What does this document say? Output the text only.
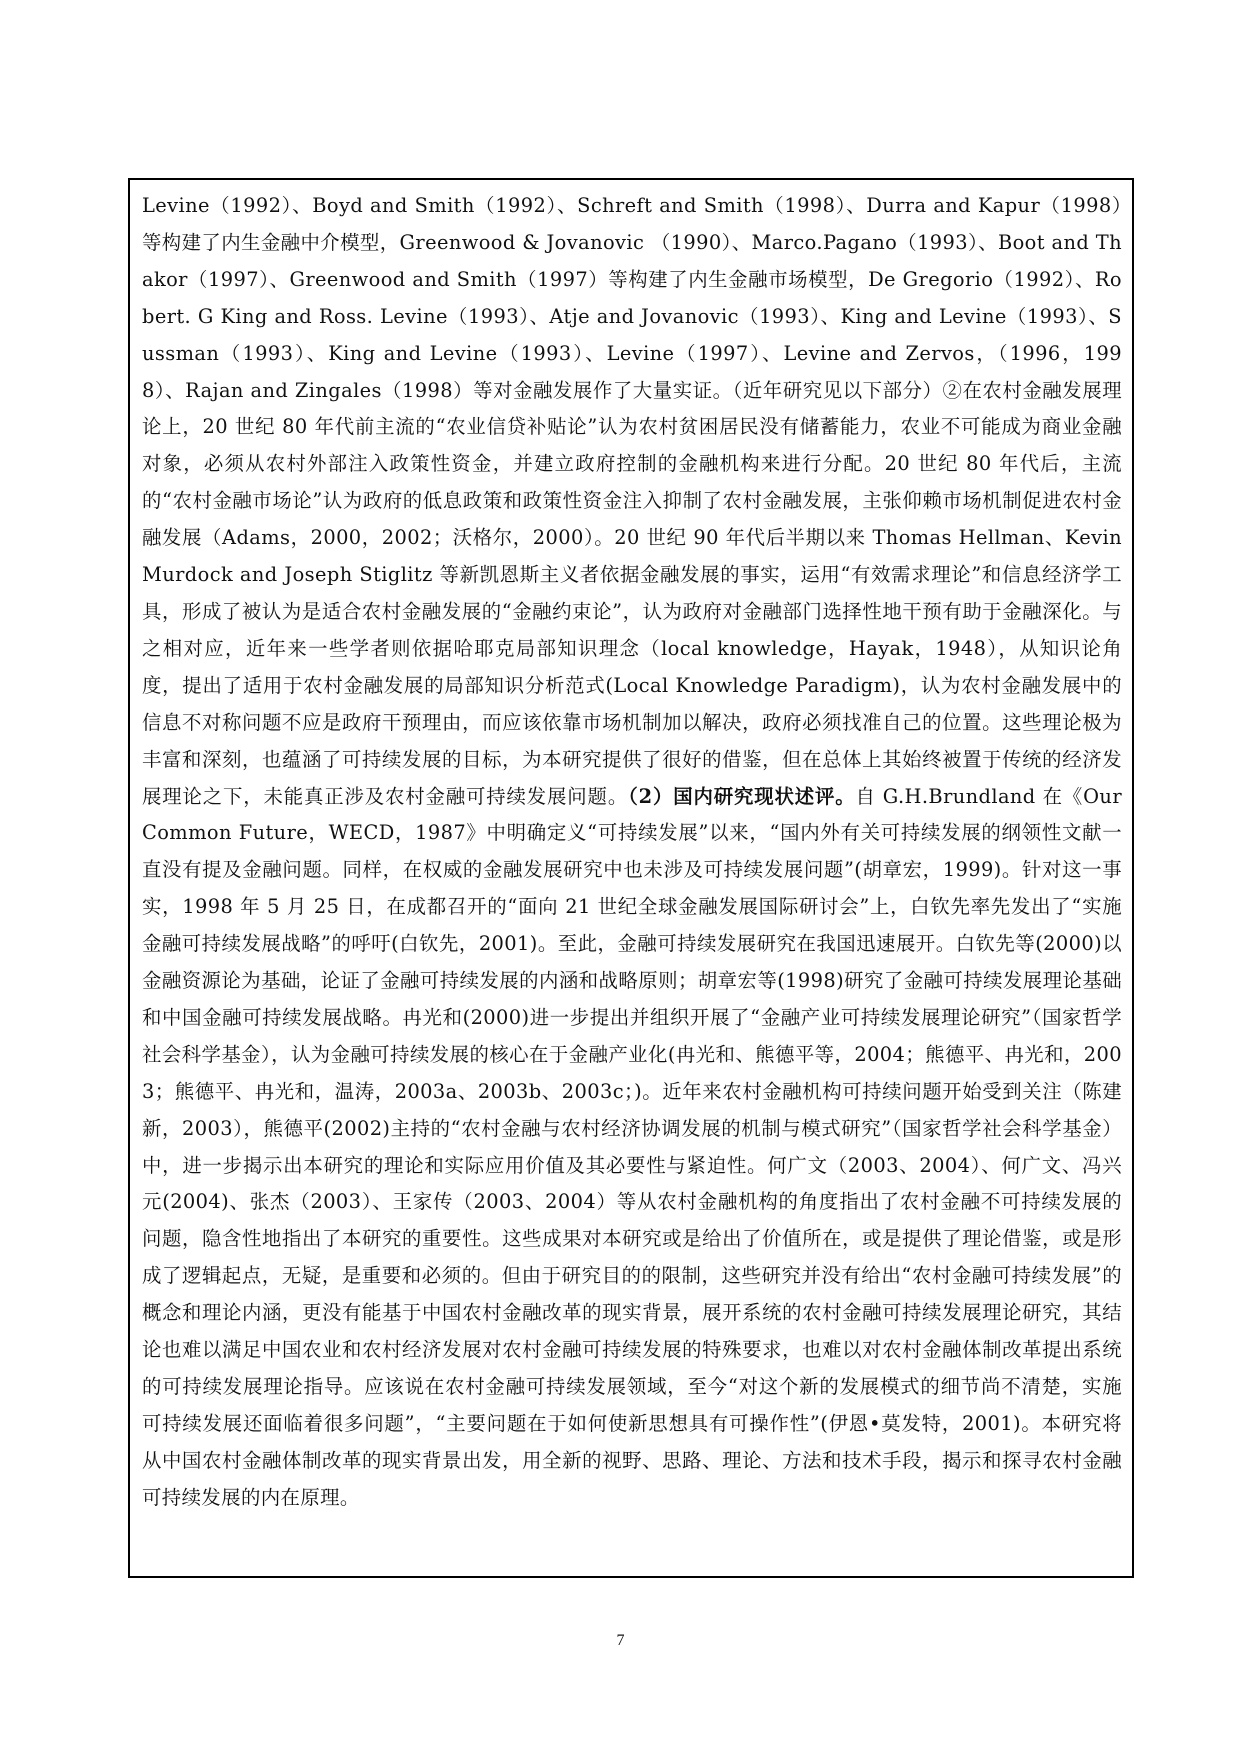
Levine（1992）、Boyd and Smith（1992）、Schreft and Smith（1998）、Durra and Kapur（1998）等构建了内生金融中介模型，Greenwood & Jovanovic （1990）、Marco.Pagano（1993）、Boot and Thakor（1997）、Greenwood and Smith（1997）等构建了内生金融市场模型，De Gregorio（1992）、Robert. G King and Ross. Levine（1993）、Atje and Jovanovic（1993）、King and Levine（1993）、Sussman（1993）、King and Levine（1993）、Levine（1997）、Levine and Zervos，（1996，1998）、Rajan and Zingales（1998）等对金融发展作了大量实证。（近年研究见以下部分）②在农村金融发展理论上，20 世纪 80 年代前主流的“农业信贷补贴论”认为农村贫困居民没有储蓄能力，农业不可能成为商业金融对象，必须从农村外部注入政策性资金，并建立政府控制的金融机构来进行分配。20 世纪 80 年代后，主流的“农村金融市场论”认为政府的低息政策和政策性资金注入抑制了农村金融发展，主张仰赖市场机制促进农村金融发展（Adams，2000，2002；沃格尔，2000）。20 世纪 90 年代后半期以来 Thomas Hellman、Kevin Murdock and Joseph Stiglitz 等新凯恩斯主义者依据金融发展的事实，运用“有效需求理论”和信息经济学工具，形成了被认为是适合农村金融发展的“金融约束论”，认为政府对金融部门选择性地干预有助于金融深化。与之相对应，近年来一些学者则依据哈耶克局部知识理念（local knowledge，Hayak，1948），从知识论角度，提出了适用于农村金融发展的局部知识分析范式(Local Knowledge Paradigm)，认为农村金融发展中的信息不对称问题不应是政府干预理由，而应该依靠市场机制加以解决，政府必须找准自己的位置。这些理论极为丰富和深刻，也蕴涵了可持续发展的目标，为本研究提供了很好的借鉴，但在总体上其始终被置于传统的经济发展理论之下，未能真正涉及农村金融可持续发展问题。（2）国内研究现状述评。自 G.H.Brundland 在《Our Common Future，WECD，1987》中明确定义“可持续发展”以来，“国内外有关可持续发展的纲领性文献一直没有提及金融问题。同样，在权威的金融发展研究中也未涉及可持续发展问题”(胡章宏，1999)。针对这一事实，1998 年 5 月 25 日，在成都召开的“面向 21 世纪全球金融发展国际研讨会”上，白钦先率先发出了“实施金融可持续发展战略”的呼吁(白钦先，2001)。至此，金融可持续发展研究在我国迅速展开。白钦先等(2000)以金融资源论为基础，论证了金融可持续发展的内涵和战略原则；胡章宏等(1998)研究了金融可持续发展理论基础和中国金融可持续发展战略。冉光和(2000)进一步提出并组织开展了“金融产业可持续发展理论研究”（国家哲学社会科学基金），认为金融可持续发展的核心在于金融产业化(冉光和、熊德平等，2004；熊德平、冉光和，2003；熊德平、冉光和，温涛，2003a、2003b、2003c；)。近年来农村金融机构可持续问题开始受到关注（陈建新，2003），熊德平(2002)主持的“农村金融与农村经济协调发展的机制与模式研究”（国家哲学社会科学基金）中，进一步揭示出本研究的理论和实际应用价值及其必要性与紧迫性。何广文（2003、2004）、何广文、冯兴元(2004)、张杰（2003）、王家传（2003、2004）等从农村金融机构的角度指出了农村金融不可持续发展的问题，隐含性地指出了本研究的重要性。这些成果对本研究或是给出了价值所在，或是提供了理论借鉴，或是形成了逻辑起点，无疑，是重要和必须的。但由于研究目的的限制，这些研究并没有给出“农村金融可持续发展”的概念和理论内涵，更没有能基于中国农村金融改革的现实背景，展开系统的农村金融可持续发展理论研究，其结论也难以满足中国农业和农村经济发展对农村金融可持续发展的特殊要求，也难以对农村金融体制改革提出系统的可持续发展理论指导。应该说在农村金融可持续发展领域，至今“对这个新的发展模式的细节尚不清楚，实施可持续发展还面临着很多问题”，“主要问题在于如何使新思想具有可操作性”(伊恩•莫发特，2001)。本研究将从中国农村金融体制改革的现实背景出发，用全新的视野、思路、理论、方法和技术手段，揭示和探寻农村金融可持续发展的内在原理。

7
